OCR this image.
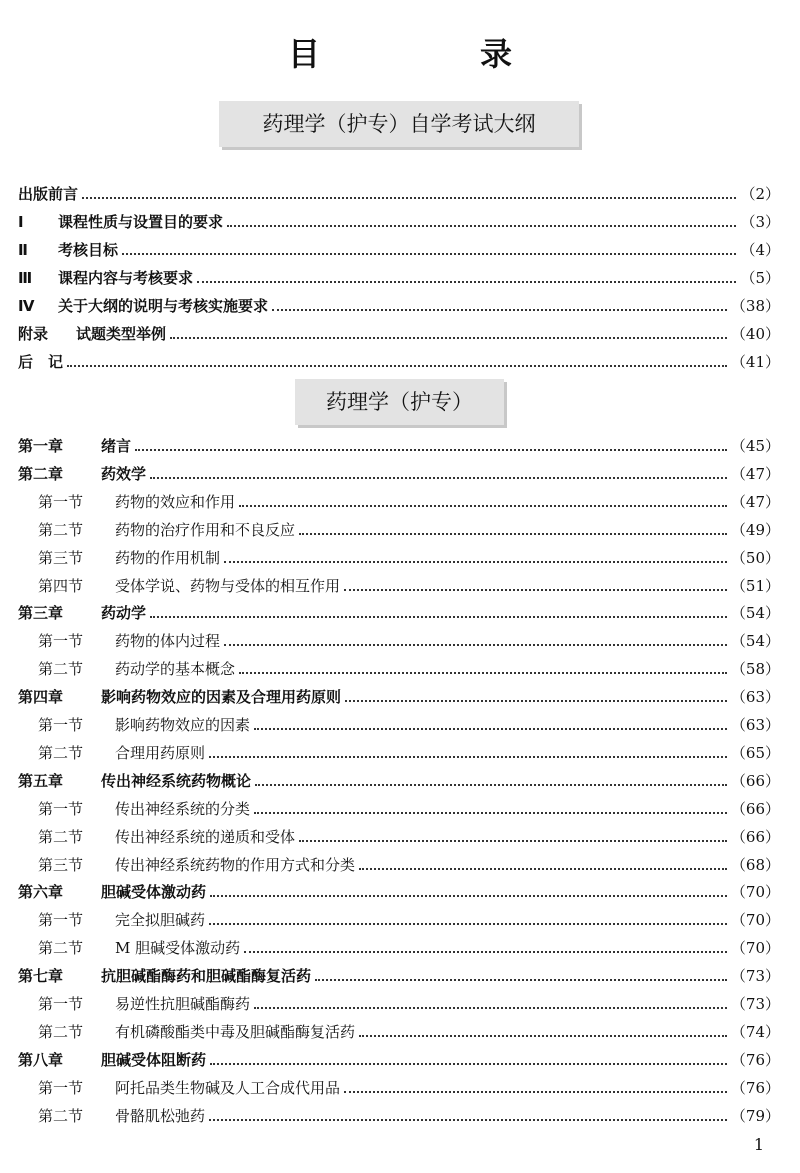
目　录
药理学（护专）自学考试大纲
出版前言	（2）
Ⅰ	课程性质与设置目的要求	（3）
Ⅱ	考核目标	（4）
Ⅲ	课程内容与考核要求	（5）
Ⅳ	关于大纲的说明与考核实施要求	（38）
附录	试题类型举例	（40）
后　记	（41）
药理学（护专）
第一章	绪言	（45）
第二章	药效学	（47）
第一节	药物的效应和作用	（47）
第二节	药物的治疗作用和不良反应	（49）
第三节	药物的作用机制	（50）
第四节	受体学说、药物与受体的相互作用	（51）
第三章	药动学	（54）
第一节	药物的体内过程	（54）
第二节	药动学的基本概念	（58）
第四章	影响药物效应的因素及合理用药原则	（63）
第一节	影响药物效应的因素	（63）
第二节	合理用药原则	（65）
第五章	传出神经系统药物概论	（66）
第一节	传出神经系统的分类	（66）
第二节	传出神经系统的递质和受体	（66）
第三节	传出神经系统药物的作用方式和分类	（68）
第六章	胆碱受体激动药	（70）
第一节	完全拟胆碱药	（70）
第二节	M 胆碱受体激动药	（70）
第七章	抗胆碱酯酶药和胆碱酯酶复活药	（73）
第一节	易逆性抗胆碱酯酶药	（73）
第二节	有机磷酸酯类中毒及胆碱酯酶复活药	（74）
第八章	胆碱受体阻断药	（76）
第一节	阿托品类生物碱及人工合成代用品	（76）
第二节	骨骼肌松弛药	（79）
1
